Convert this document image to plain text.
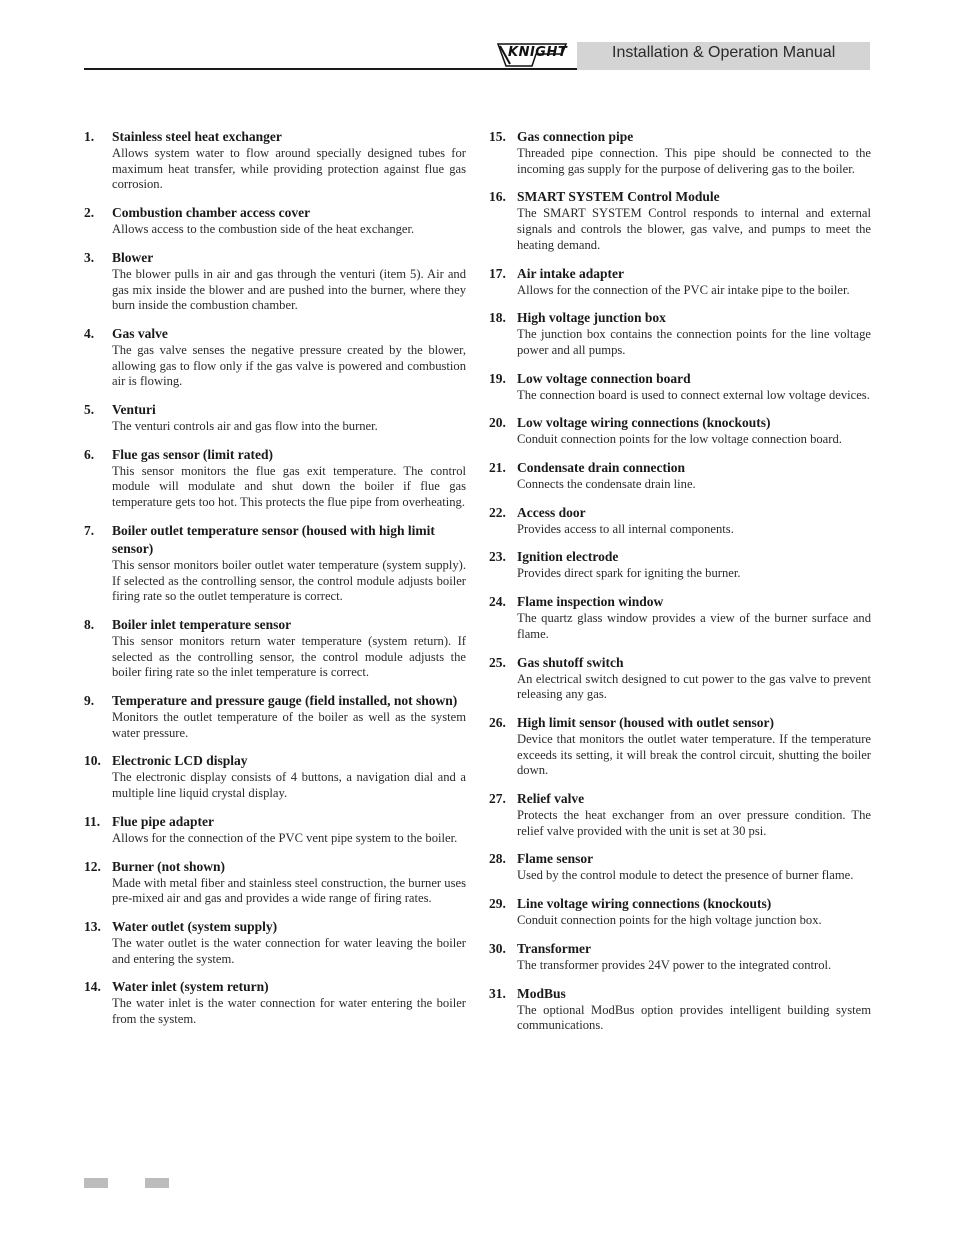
KNIGHT	Installation & Operation Manual
1. Stainless steel heat exchanger
Allows system water to flow around specially designed tubes for maximum heat transfer, while providing protection against flue gas corrosion.
2. Combustion chamber access cover
Allows access to the combustion side of the heat exchanger.
3. Blower
The blower pulls in air and gas through the venturi (item 5). Air and gas mix inside the blower and are pushed into the burner, where they burn inside the combustion chamber.
4. Gas valve
The gas valve senses the negative pressure created by the blower, allowing gas to flow only if the gas valve is powered and combustion air is flowing.
5. Venturi
The venturi controls air and gas flow into the burner.
6. Flue gas sensor (limit rated)
This sensor monitors the flue gas exit temperature. The control module will modulate and shut down the boiler if flue gas temperature gets too hot. This protects the flue pipe from overheating.
7. Boiler outlet temperature sensor (housed with high limit sensor)
This sensor monitors boiler outlet water temperature (system supply). If selected as the controlling sensor, the control module adjusts boiler firing rate so the outlet temperature is correct.
8. Boiler inlet temperature sensor
This sensor monitors return water temperature (system return). If selected as the controlling sensor, the control module adjusts the boiler firing rate so the inlet temperature is correct.
9. Temperature and pressure gauge (field installed, not shown)
Monitors the outlet temperature of the boiler as well as the system water pressure.
10. Electronic LCD display
The electronic display consists of 4 buttons, a navigation dial and a multiple line liquid crystal display.
11. Flue pipe adapter
Allows for the connection of the PVC vent pipe system to the boiler.
12. Burner (not shown)
Made with metal fiber and stainless steel construction, the burner uses pre-mixed air and gas and provides a wide range of firing rates.
13. Water outlet (system supply)
The water outlet is the water connection for water leaving the boiler and entering the system.
14. Water inlet (system return)
The water inlet is the water connection for water entering the boiler from the system.
15. Gas connection pipe
Threaded pipe connection. This pipe should be connected to the incoming gas supply for the purpose of delivering gas to the boiler.
16. SMART SYSTEM Control Module
The SMART SYSTEM Control responds to internal and external signals and controls the blower, gas valve, and pumps to meet the heating demand.
17. Air intake adapter
Allows for the connection of the PVC air intake pipe to the boiler.
18. High voltage junction box
The junction box contains the connection points for the line voltage power and all pumps.
19. Low voltage connection board
The connection board is used to connect external low voltage devices.
20. Low voltage wiring connections (knockouts)
Conduit connection points for the low voltage connection board.
21. Condensate drain connection
Connects the condensate drain line.
22. Access door
Provides access to all internal components.
23. Ignition electrode
Provides direct spark for igniting the burner.
24. Flame inspection window
The quartz glass window provides a view of the burner surface and flame.
25. Gas shutoff switch
An electrical switch designed to cut power to the gas valve to prevent releasing any gas.
26. High limit sensor (housed with outlet sensor)
Device that monitors the outlet water temperature. If the temperature exceeds its setting, it will break the control circuit, shutting the boiler down.
27. Relief valve
Protects the heat exchanger from an over pressure condition. The relief valve provided with the unit is set at 30 psi.
28. Flame sensor
Used by the control module to detect the presence of burner flame.
29. Line voltage wiring connections (knockouts)
Conduit connection points for the high voltage junction box.
30. Transformer
The transformer provides 24V power to the integrated control.
31. ModBus
The optional ModBus option provides intelligent building system communications.
